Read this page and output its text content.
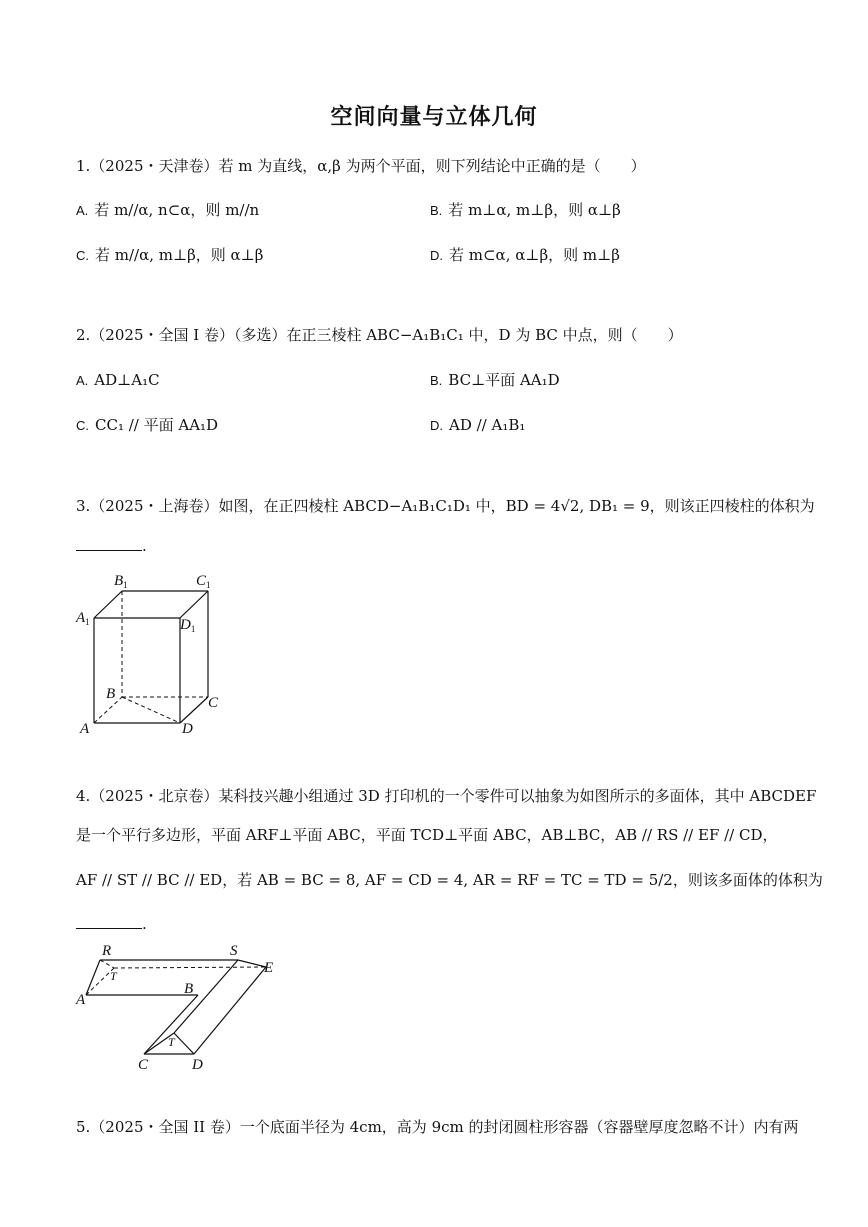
空间向量与立体几何
1.（2025・天津卷）若 m 为直线，α,β 为两个平面，则下列结论中正确的是（　　）
A. 若 m//α, n⊂α，则 m//n	B. 若 m⊥α, m⊥β，则 α⊥β
C. 若 m//α, m⊥β，则 α⊥β	D. 若 m⊂α, α⊥β，则 m⊥β
2.（2025・全国 I 卷）（多选）在正三棱柱 ABC−A₁B₁C₁ 中，D 为 BC 中点，则（　　）
A. AD⊥A₁C	B. BC⊥平面 AA₁D
C. CC₁ // 平面 AA₁D	D. AD // A₁B₁
3.（2025・上海卷）如图，在正四棱柱 ABCD−A₁B₁C₁D₁ 中，BD = 4√2, DB₁ = 9，则该正四棱柱的体积为
.
$B_1$	$C_1$
$A_1$	$D_1$
B
C
A	D
4.（2025・北京卷）某科技兴趣小组通过 3D 打印机的一个零件可以抽象为如图所示的多面体，其中 ABCDEF
是一个平行多边形，平面 ARF⊥平面 ABC，平面 TCD⊥平面 ABC，AB⊥BC，AB // RS // EF // CD，
AF // ST // BC // ED，若 AB = BC = 8, AF = CD = 4, AR = RF = TC = TD = 5/2，则该多面体的体积为
.
R	S
E
T
A
B
T
C	D
5.（2025・全国 II 卷）一个底面半径为 4cm，高为 9cm 的封闭圆柱形容器（容器壁厚度忽略不计）内有两
